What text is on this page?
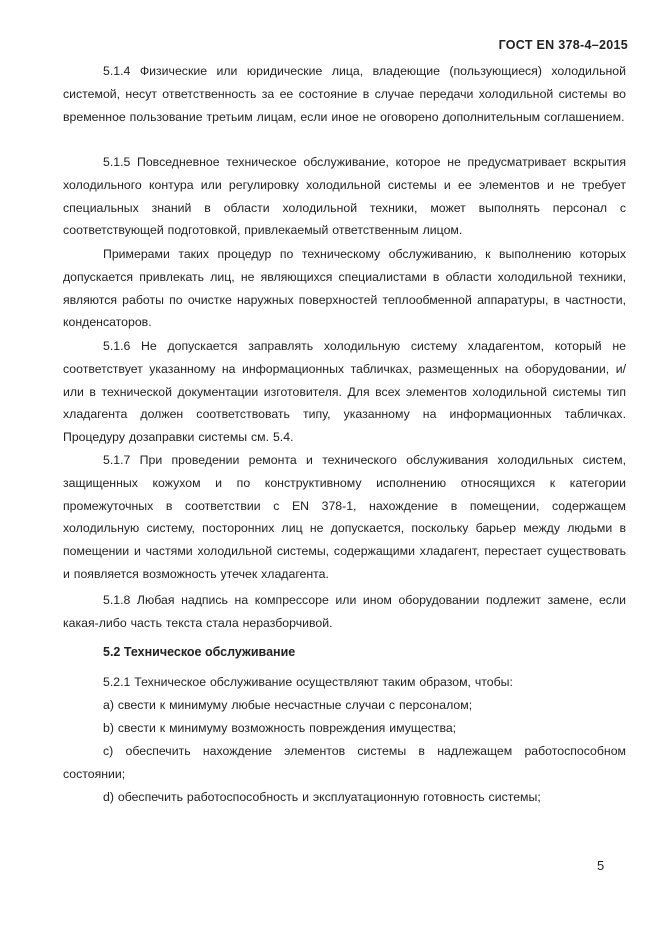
ГОСТ EN 378-4–2015
5.1.4 Физические или юридические лица, владеющие (пользующиеся) холодильной системой, несут ответственность за ее состояние в случае передачи холодильной системы во временное пользование третьим лицам, если иное не оговорено дополнительным соглашением.
5.1.5 Повседневное техническое обслуживание, которое не предусматривает вскрытия холодильного контура или регулировку холодильной системы и ее элементов и не требует специальных знаний в области холодильной техники, может выполнять персонал с соответствующей подготовкой, привлекаемый ответственным лицом.
Примерами таких процедур по техническому обслуживанию, к выполнению которых допускается привлекать лиц, не являющихся специалистами в области холодильной техники, являются работы по очистке наружных поверхностей теплообменной аппаратуры, в частности, конденсаторов.
5.1.6 Не допускается заправлять холодильную систему хладагентом, который не соответствует указанному на информационных табличках, размещенных на оборудовании, и/или в технической документации изготовителя. Для всех элементов холодильной системы тип хладагента должен соответствовать типу, указанному на информационных табличках. Процедуру дозаправки системы см. 5.4.
5.1.7 При проведении ремонта и технического обслуживания холодильных систем, защищенных кожухом и по конструктивному исполнению относящихся к категории промежуточных в соответствии с EN 378-1, нахождение в помещении, содержащем холодильную систему, посторонних лиц не допускается, поскольку барьер между людьми в помещении и частями холодильной системы, содержащими хладагент, перестает существовать и появляется возможность утечек хладагента.
5.1.8 Любая надпись на компрессоре или ином оборудовании подлежит замене, если какая-либо часть текста стала неразборчивой.
5.2 Техническое обслуживание
5.2.1 Техническое обслуживание осуществляют таким образом, чтобы:
a) свести к минимуму любые несчастные случаи с персоналом;
b) свести к минимуму возможность повреждения имущества;
c) обеспечить нахождение элементов системы в надлежащем работоспособном состоянии;
d) обеспечить работоспособность и эксплуатационную готовность системы;
5
